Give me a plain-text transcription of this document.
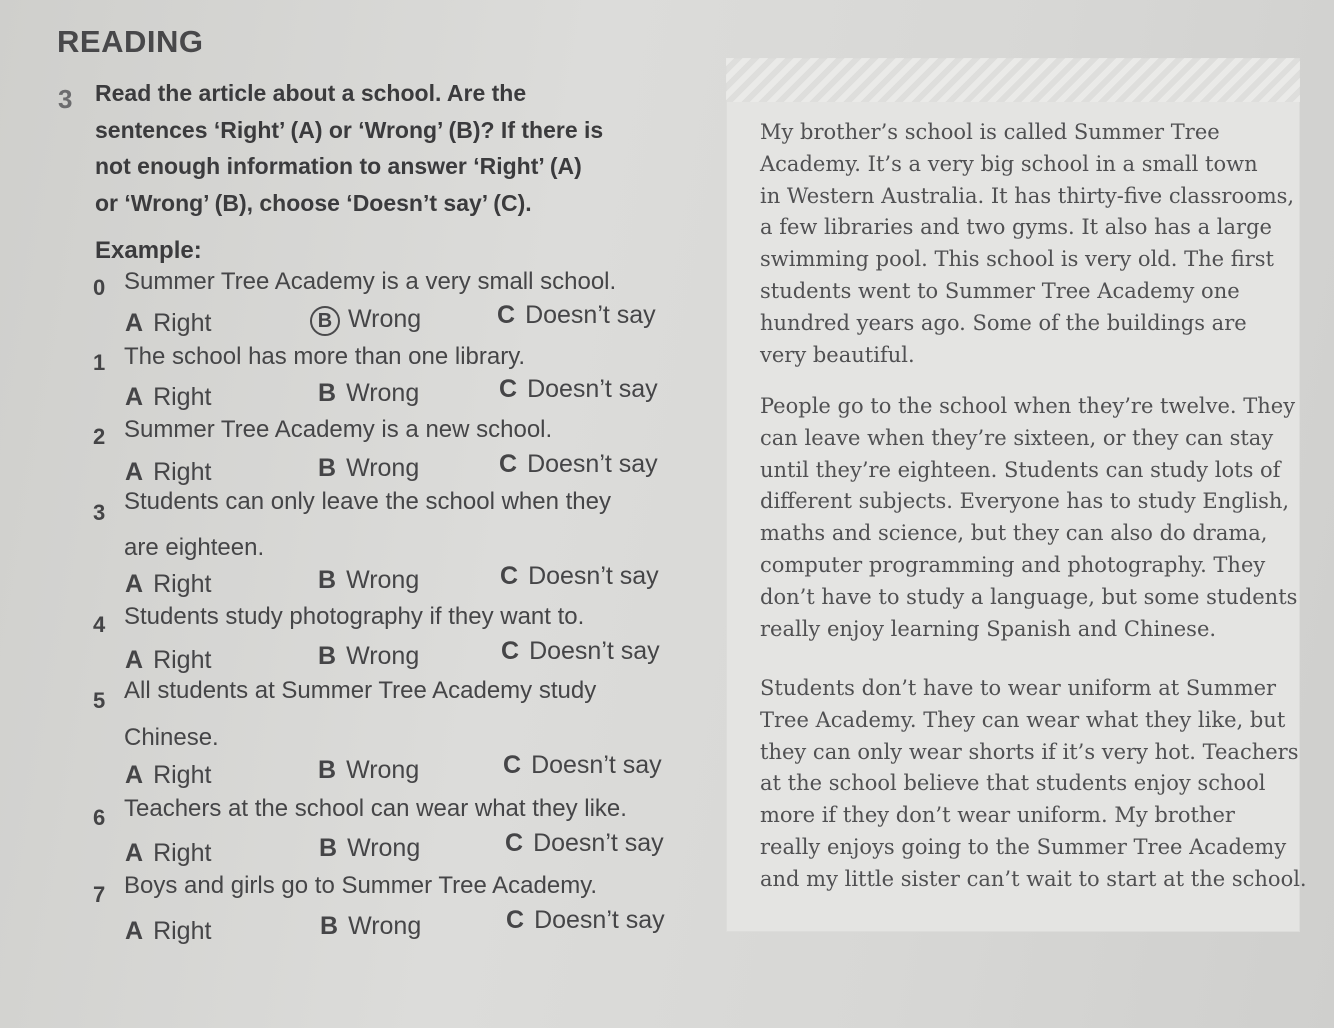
READING
3 Read the article about a school. Are the
sentences ‘Right’ (A) or ‘Wrong’ (B)? If there is
not enough information to answer ‘Right’ (A)
or ‘Wrong’ (B), choose ‘Doesn’t say’ (C).
Example:
0 Summer Tree Academy is a very small school.
A Right	B Wrong	C Doesn’t say
1 The school has more than one library.
A Right	B Wrong	C Doesn’t say
2 Summer Tree Academy is a new school.
A Right	B Wrong	C Doesn’t say
3 Students can only leave the school when they
are eighteen.
A Right	B Wrong	C Doesn’t say
4 Students study photography if they want to.
A Right	B Wrong	C Doesn’t say
5 All students at Summer Tree Academy study
Chinese.
A Right	B Wrong	C Doesn’t say
6 Teachers at the school can wear what they like.
A Right	B Wrong	C Doesn’t say
7 Boys and girls go to Summer Tree Academy.
A Right	B Wrong	C Doesn’t say
My brother’s school is called Summer Tree
Academy. It’s a very big school in a small town
in Western Australia. It has thirty-five classrooms,
a few libraries and two gyms. It also has a large
swimming pool. This school is very old. The first
students went to Summer Tree Academy one
hundred years ago. Some of the buildings are
very beautiful.
People go to the school when they’re twelve. They
can leave when they’re sixteen, or they can stay
until they’re eighteen. Students can study lots of
different subjects. Everyone has to study English,
maths and science, but they can also do drama,
computer programming and photography. They
don’t have to study a language, but some students
really enjoy learning Spanish and Chinese.
Students don’t have to wear uniform at Summer
Tree Academy. They can wear what they like, but
they can only wear shorts if it’s very hot. Teachers
at the school believe that students enjoy school
more if they don’t wear uniform. My brother
really enjoys going to the Summer Tree Academy
and my little sister can’t wait to start at the school.
